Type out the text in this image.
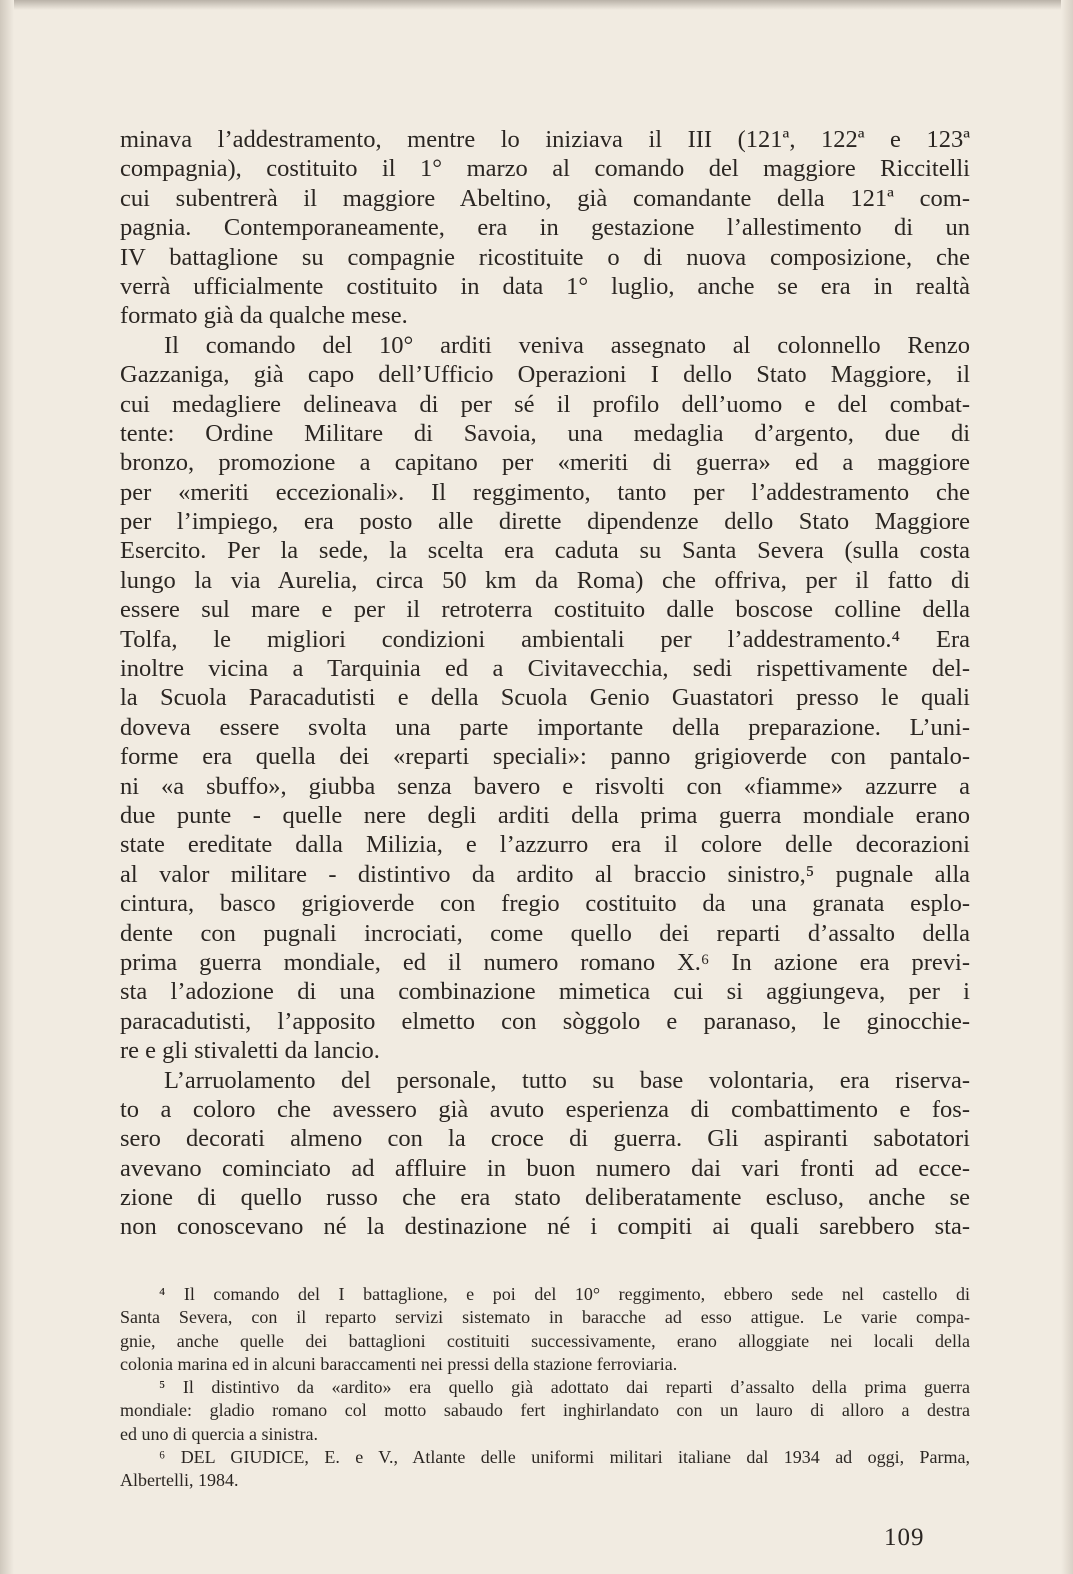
minava l’addestramento, mentre lo iniziava il III (121ª, 122ª e 123ª
compagnia), costituito il 1° marzo al comando del maggiore Riccitelli
cui subentrerà il maggiore Abeltino, già comandante della 121ª com-
pagnia. Contemporaneamente, era in gestazione l’allestimento di un
IV battaglione su compagnie ricostituite o di nuova composizione, che
verrà ufficialmente costituito in data 1° luglio, anche se era in realtà
formato già da qualche mese.
Il comando del 10° arditi veniva assegnato al colonnello Renzo
Gazzaniga, già capo dell’Ufficio Operazioni I dello Stato Maggiore, il
cui medagliere delineava di per sé il profilo dell’uomo e del combat-
tente: Ordine Militare di Savoia, una medaglia d’argento, due di
bronzo, promozione a capitano per «meriti di guerra» ed a maggiore
per «meriti eccezionali». Il reggimento, tanto per l’addestramento che
per l’impiego, era posto alle dirette dipendenze dello Stato Maggiore
Esercito. Per la sede, la scelta era caduta su Santa Severa (sulla costa
lungo la via Aurelia, circa 50 km da Roma) che offriva, per il fatto di
essere sul mare e per il retroterra costituito dalle boscose colline della
Tolfa, le migliori condizioni ambientali per l’addestramento.⁴ Era
inoltre vicina a Tarquinia ed a Civitavecchia, sedi rispettivamente del-
la Scuola Paracadutisti e della Scuola Genio Guastatori presso le quali
doveva essere svolta una parte importante della preparazione. L’uni-
forme era quella dei «reparti speciali»: panno grigioverde con pantalo-
ni «a sbuffo», giubba senza bavero e risvolti con «fiamme» azzurre a
due punte - quelle nere degli arditi della prima guerra mondiale erano
state ereditate dalla Milizia, e l’azzurro era il colore delle decorazioni
al valor militare - distintivo da ardito al braccio sinistro,⁵ pugnale alla
cintura, basco grigioverde con fregio costituito da una granata esplo-
dente con pugnali incrociati, come quello dei reparti d’assalto della
prima guerra mondiale, ed il numero romano X.⁶ In azione era previ-
sta l’adozione di una combinazione mimetica cui si aggiungeva, per i
paracadutisti, l’apposito elmetto con sòggolo e paranaso, le ginocchie-
re e gli stivaletti da lancio.
L’arruolamento del personale, tutto su base volontaria, era riserva-
to a coloro che avessero già avuto esperienza di combattimento e fos-
sero decorati almeno con la croce di guerra. Gli aspiranti sabotatori
avevano cominciato ad affluire in buon numero dai vari fronti ad ecce-
zione di quello russo che era stato deliberatamente escluso, anche se
non conoscevano né la destinazione né i compiti ai quali sarebbero sta-
⁴ Il comando del I battaglione, e poi del 10° reggimento, ebbero sede nel castello di
Santa Severa, con il reparto servizi sistemato in baracche ad esso attigue. Le varie compa-
gnie, anche quelle dei battaglioni costituiti successivamente, erano alloggiate nei locali della
colonia marina ed in alcuni baraccamenti nei pressi della stazione ferroviaria.
⁵ Il distintivo da «ardito» era quello già adottato dai reparti d’assalto della prima guerra
mondiale: gladio romano col motto sabaudo fert inghirlandato con un lauro di alloro a destra
ed uno di quercia a sinistra.
⁶ DEL GIUDICE, E. e V., Atlante delle uniformi militari italiane dal 1934 ad oggi, Parma,
Albertelli, 1984.
109
